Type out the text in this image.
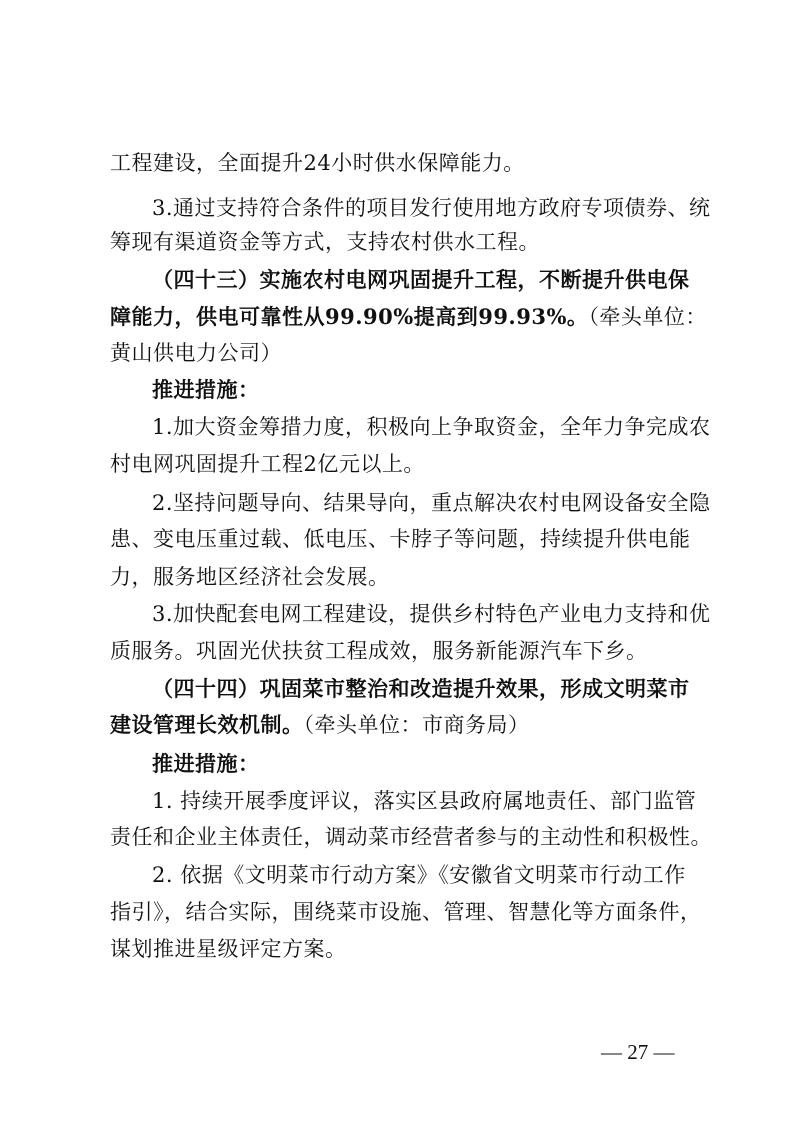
工程建设，全面提升24小时供水保障能力。
3.通过支持符合条件的项目发行使用地方政府专项债券、统
筹现有渠道资金等方式，支持农村供水工程。
（四十三）实施农村电网巩固提升工程，不断提升供电保
障能力，供电可靠性从99.90%提高到99.93%。（牵头单位：
黄山供电力公司）
推进措施：
1.加大资金筹措力度，积极向上争取资金，全年力争完成农
村电网巩固提升工程2亿元以上。
2.坚持问题导向、结果导向，重点解决农村电网设备安全隐
患、变电压重过载、低电压、卡脖子等问题，持续提升供电能
力，服务地区经济社会发展。
3.加快配套电网工程建设，提供乡村特色产业电力支持和优
质服务。巩固光伏扶贫工程成效，服务新能源汽车下乡。
（四十四）巩固菜市整治和改造提升效果，形成文明菜市
建设管理长效机制。（牵头单位：市商务局）
推进措施：
1. 持续开展季度评议，落实区县政府属地责任、部门监管
责任和企业主体责任，调动菜市经营者参与的主动性和积极性。
2. 依据《文明菜市行动方案》《安徽省文明菜市行动工作
指引》，结合实际，围绕菜市设施、管理、智慧化等方面条件，
谋划推进星级评定方案。
— 27 —
